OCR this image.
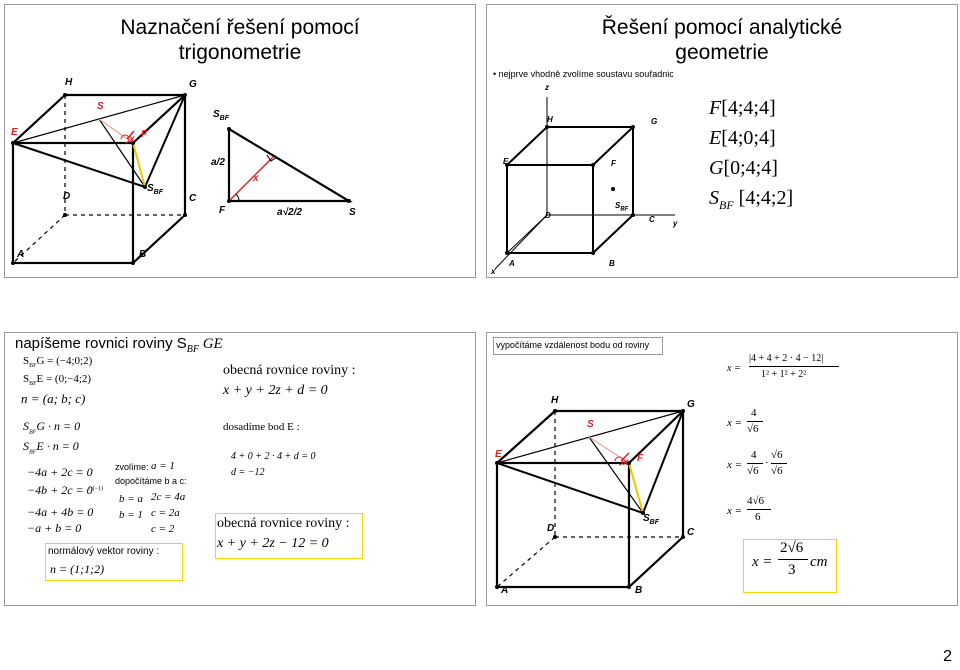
Naznačení řešení pomocí
trigonometrie
H	G
S
E	F
x
D
$S_{BF}$
C
A	B
$S_{BF}$
a/2
x
F	a√2/2	S
Řešení pomocí analytické
geometrie
• nejprve vhodně zvolíme soustavu souřadnic
z
y
x
H	G
E	F
$S_{BF}$
D	C
A	B
F[4;4;4]
E[4;0;4]
G[0;4;4]
$S_{BF}$ [4;4;2]
napíšeme rovnici roviny $S_{BF}$ GE
$S_{BF}G$ = (−4;0;2)
$S_{BF}E$ = (0;−4;2)
n = (a; b; c)
$S_{BF}G \cdot n = 0$
$S_{BF}E \cdot n = 0$
−4a + 2c = 0
−4b + 2c = 0
/·(−1)
−4a + 4b = 0
−a + b = 0
zvolíme: a = 1
dopočítáme b a c:
b = a
b = 1
2c = 4a
c = 2a
c = 2
normálový vektor roviny :
n = (1;1;2)
obecná rovnice roviny :
x + y + 2z + d = 0
dosadíme bod E :
4 + 0 + 2 · 4 + d = 0
d = −12
obecná rovnice roviny :
x + y + 2z − 12 = 0
vypočítáme vzdálenost bodu od roviny
H	G
S
E	F
x
D
$S_{BF}$
C
A	B
x =
|4 + 4 + 2 · 4 − 12|
1² + 1² + 2²
x =
4
√6
x =
4
√6
·
√6
√6
x =
4√6
6
x =
2√6
3 cm
2
